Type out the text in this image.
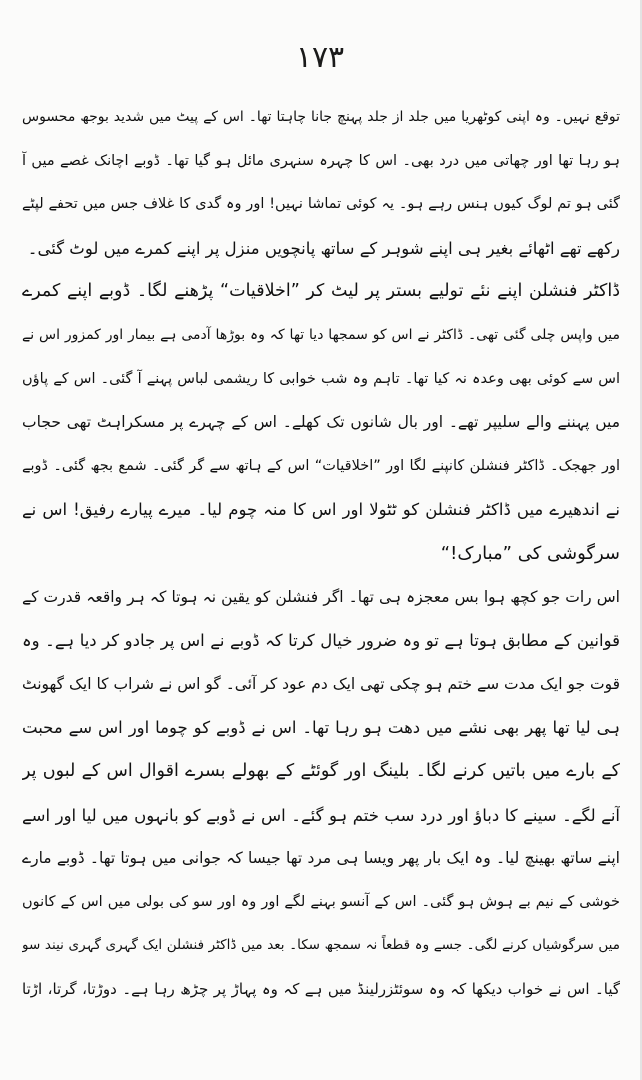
۱۷۳
توقع نہیں۔ وہ اپنی کوٹھریا میں جلد از جلد پہنچ جانا چاہتا تھا۔ اس کے پیٹ میں شدید بوجھ محسوس
ہو رہا تھا اور چھاتی میں درد بھی۔ اس کا چہرہ سنہری مائل ہو گیا تھا۔ ڈوبے اچانک غصے میں آ
گئی ہو تم لوگ کیوں ہنس رہے ہو۔ یہ کوئی تماشا نہیں! اور وہ گدی کا غلاف جس میں تحفے لپٹے
رکھے تھے اٹھائے بغیر ہی اپنے شوہر کے ساتھ پانچویں منزل پر اپنے کمرے میں لوٹ گئی۔
ڈاکٹر فنشلن اپنے نئے تولیے بستر پر لیٹ کر ”اخلاقیات“ پڑھنے لگا۔ ڈوبے اپنے کمرے
میں واپس چلی گئی تھی۔ ڈاکٹر نے اس کو سمجھا دیا تھا کہ وہ بوڑھا آدمی ہے بیمار اور کمزور اس نے
اس سے کوئی بھی وعدہ نہ کیا تھا۔ تاہم وہ شب خوابی کا ریشمی لباس پہنے آ گئی۔ اس کے پاؤں
میں پہننے والے سلیپر تھے۔ اور بال شانوں تک کھلے۔ اس کے چہرے پر مسکراہٹ تھی حجاب
اور جھجک۔ ڈاکٹر فنشلن کانپنے لگا اور ”اخلاقیات“ اس کے ہاتھ سے گر گئی۔ شمع بجھ گئی۔ ڈوبے
نے اندھیرے میں ڈاکٹر فنشلن کو ٹٹولا اور اس کا منہ چوم لیا۔ میرے پیارے رفیق! اس نے
سرگوشی کی ”مبارک!“
اس رات جو کچھ ہوا بس معجزہ ہی تھا۔ اگر فنشلن کو یقین نہ ہوتا کہ ہر واقعہ قدرت کے
قوانین کے مطابق ہوتا ہے تو وہ ضرور خیال کرتا کہ ڈوبے نے اس پر جادو کر دیا ہے۔ وہ
قوت جو ایک مدت سے ختم ہو چکی تھی ایک دم عود کر آئی۔ گو اس نے شراب کا ایک گھونٹ
ہی لیا تھا پھر بھی نشے میں دھت ہو رہا تھا۔ اس نے ڈوبے کو چوما اور اس سے محبت
کے بارے میں باتیں کرنے لگا۔ بلینگ اور گوئٹے کے بھولے بسرے اقوال اس کے لبوں پر
آنے لگے۔ سینے کا دباؤ اور درد سب ختم ہو گئے۔ اس نے ڈوبے کو بانہوں میں لیا اور اسے
اپنے ساتھ بھینچ لیا۔ وہ ایک بار پھر ویسا ہی مرد تھا جیسا کہ جوانی میں ہوتا تھا۔ ڈوبے مارے
خوشی کے نیم بے ہوش ہو گئی۔ اس کے آنسو بہنے لگے اور وہ اور سو کی بولی میں اس کے کانوں
میں سرگوشیاں کرنے لگی۔ جسے وہ قطعاً نہ سمجھ سکا۔ بعد میں ڈاکٹر فنشلن ایک گہری گہری نیند سو
گیا۔ اس نے خواب دیکھا کہ وہ سوئٹزرلینڈ میں ہے کہ وہ پہاڑ پر چڑھ رہا ہے۔ دوڑتا، گرتا، اڑتا
